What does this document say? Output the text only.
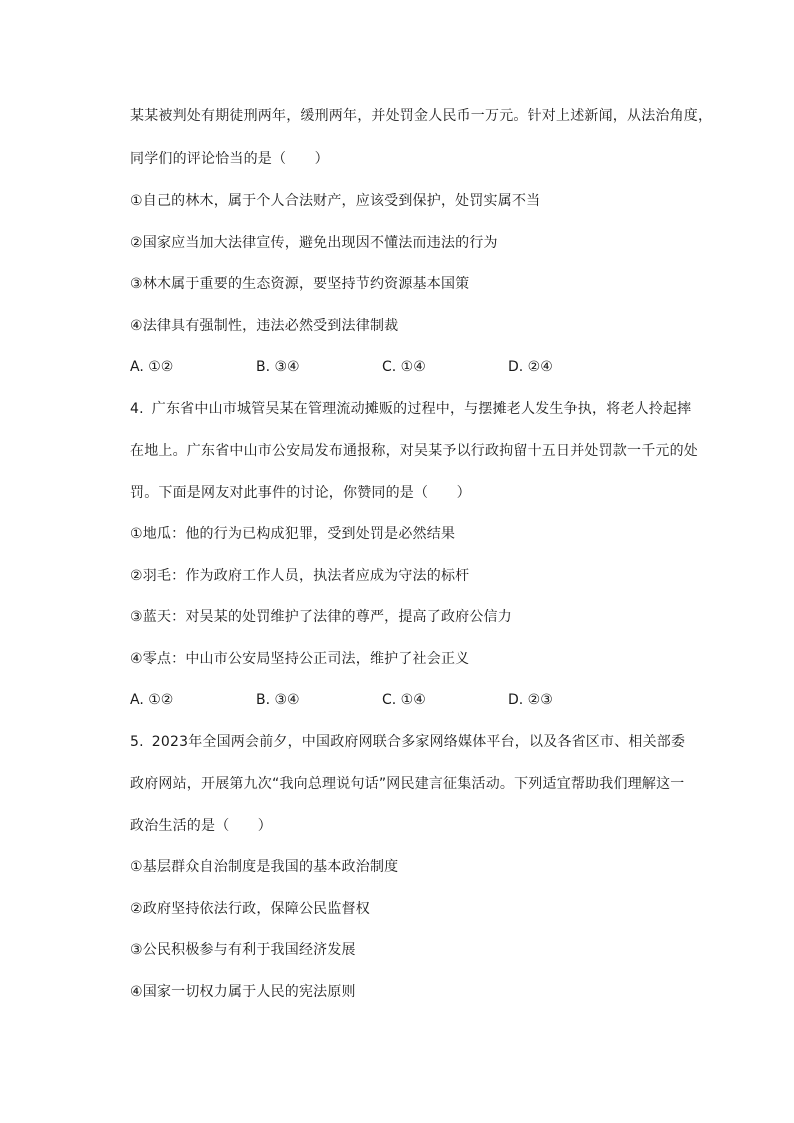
某某被判处有期徒刑两年，缓刑两年，并处罚金人民币一万元。针对上述新闻，从法治角度，
同学们的评论恰当的是（　　）
①自己的林木，属于个人合法财产，应该受到保护，处罚实属不当
②国家应当加大法律宣传，避免出现因不懂法而违法的行为
③林木属于重要的生态资源，要坚持节约资源基本国策
④法律具有强制性，违法必然受到法律制裁
A. ①②	B. ③④	C. ①④	D. ②④
4. 广东省中山市城管吴某在管理流动摊贩的过程中，与摆摊老人发生争执，将老人拎起摔
在地上。广东省中山市公安局发布通报称，对吴某予以行政拘留十五日并处罚款一千元的处
罚。下面是网友对此事件的讨论，你赞同的是（　　）
①地瓜：他的行为已构成犯罪，受到处罚是必然结果
②羽毛：作为政府工作人员，执法者应成为守法的标杆
③蓝天：对吴某的处罚维护了法律的尊严，提高了政府公信力
④零点：中山市公安局坚持公正司法，维护了社会正义
A. ①②	B. ③④	C. ①④	D. ②③
5. 2023年全国两会前夕，中国政府网联合多家网络媒体平台，以及各省区市、相关部委
政府网站，开展第九次“我向总理说句话”网民建言征集活动。下列适宜帮助我们理解这一
政治生活的是（　　）
①基层群众自治制度是我国的基本政治制度
②政府坚持依法行政，保障公民监督权
③公民积极参与有利于我国经济发展
④国家一切权力属于人民的宪法原则
